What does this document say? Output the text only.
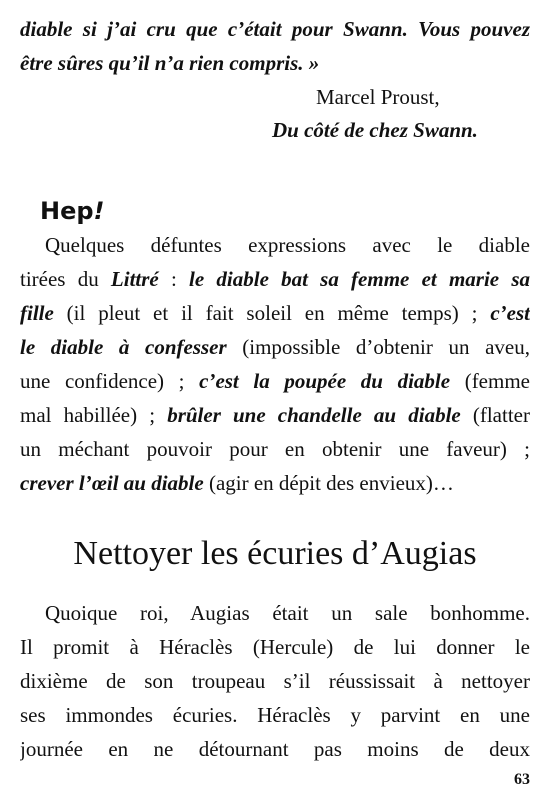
diable si j’ai cru que c’était pour Swann. Vous pouvez
être sûres qu’il n’a rien compris. »
Marcel Proust,
Du côté de chez Swann.
Hep!
Quelques défuntes expressions avec le diable
tirées du Littré : le diable bat sa femme et marie sa
fille (il pleut et il fait soleil en même temps) ; c’est
le diable à confesser (impossible d’obtenir un aveu,
une confidence) ; c’est la poupée du diable (femme
mal habillée) ; brûler une chandelle au diable (flatter
un méchant pouvoir pour en obtenir une faveur) ;
crever l’œil au diable (agir en dépit des envieux)…
Nettoyer les écuries d’Augias
Quoique roi, Augias était un sale bonhomme.
Il promit à Héraclès (Hercule) de lui donner le
dixième de son troupeau s’il réussissait à nettoyer
ses immondes écuries. Héraclès y parvint en une
journée en ne détournant pas moins de deux
63
